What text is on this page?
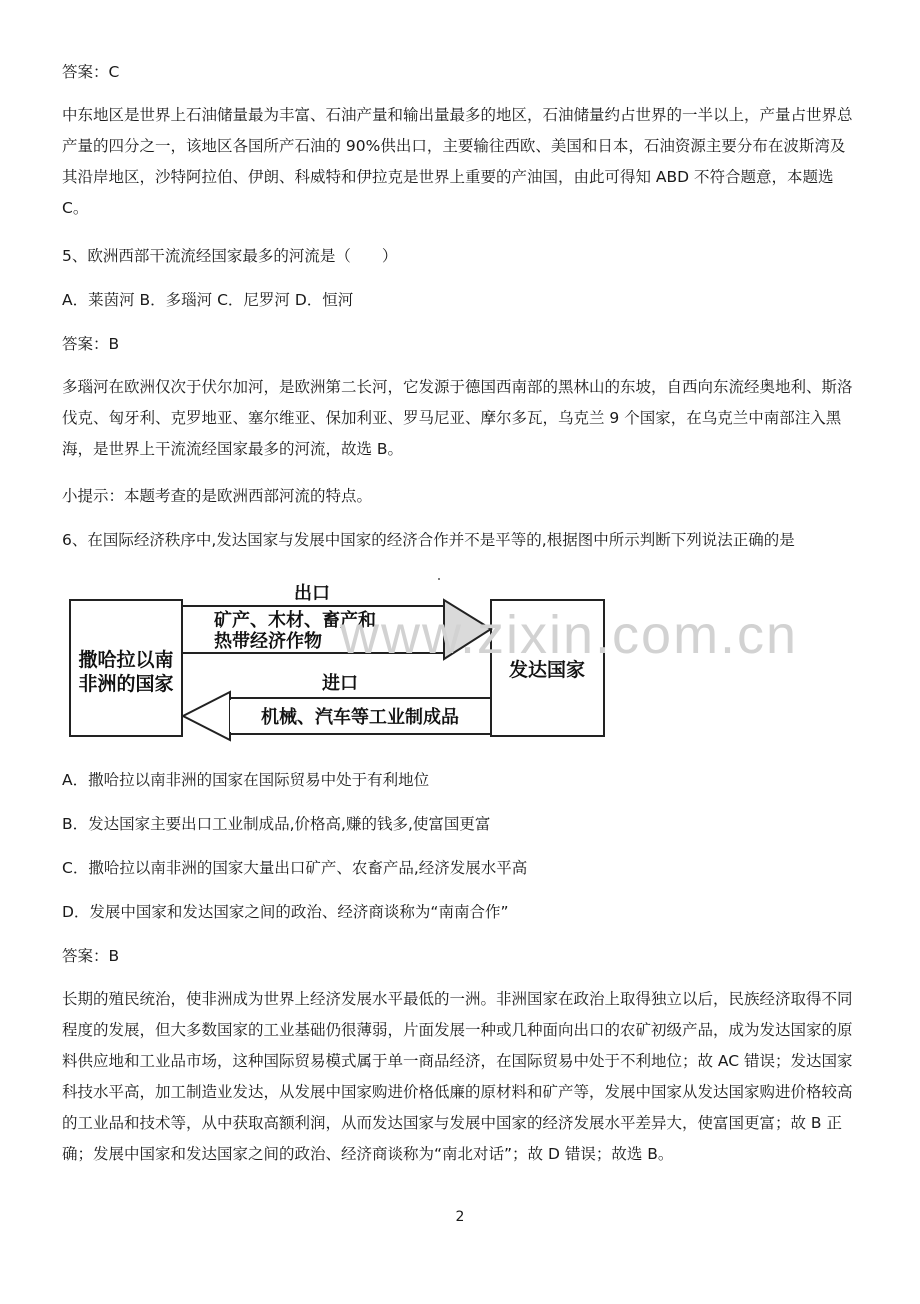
答案：C

中东地区是世界上石油储量最为丰富、石油产量和输出量最多的地区，石油储量约占世界的一半以上，产量占世界总产量的四分之一，该地区各国所产石油的 90%供出口，主要输往西欧、美国和日本，石油资源主要分布在波斯湾及其沿岸地区，沙特阿拉伯、伊朗、科威特和伊拉克是世界上重要的产油国，由此可得知 ABD 不符合题意，本题选 C。

5、欧洲西部干流流经国家最多的河流是（　　）

A．莱茵河 B．多瑙河 C．尼罗河 D．恒河

答案：B

多瑙河在欧洲仅次于伏尔加河，是欧洲第二长河，它发源于德国西南部的黑林山的东坡，自西向东流经奥地利、斯洛伐克、匈牙利、克罗地亚、塞尔维亚、保加利亚、罗马尼亚、摩尔多瓦，乌克兰 9 个国家，在乌克兰中南部注入黑海，是世界上干流流经国家最多的河流，故选 B。

小提示：本题考查的是欧洲西部河流的特点。

6、在国际经济秩序中,发达国家与发展中国家的经济合作并不是平等的,根据图中所示判断下列说法正确的是

撒哈拉以南
非洲的国家
发达国家
出口
矿产、木材、畜产和
热带经济作物
进口
机械、汽车等工业制成品
www.zixin.com.cn

A．撒哈拉以南非洲的国家在国际贸易中处于有利地位

B．发达国家主要出口工业制成品,价格高,赚的钱多,使富国更富

C．撒哈拉以南非洲的国家大量出口矿产、农畜产品,经济发展水平高

D．发展中国家和发达国家之间的政治、经济商谈称为“南南合作”

答案：B

长期的殖民统治，使非洲成为世界上经济发展水平最低的一洲。非洲国家在政治上取得独立以后，民族经济取得不同程度的发展，但大多数国家的工业基础仍很薄弱，片面发展一种或几种面向出口的农矿初级产品，成为发达国家的原料供应地和工业品市场，这种国际贸易模式属于单一商品经济，在国际贸易中处于不利地位；故 AC 错误；发达国家科技水平高，加工制造业发达，从发展中国家购进价格低廉的原材料和矿产等，发展中国家从发达国家购进价格较高的工业品和技术等，从中获取高额利润，从而发达国家与发展中国家的经济发展水平差异大，使富国更富；故 B 正确；发展中国家和发达国家之间的政治、经济商谈称为“南北对话”；故 D 错误；故选 B。

2
